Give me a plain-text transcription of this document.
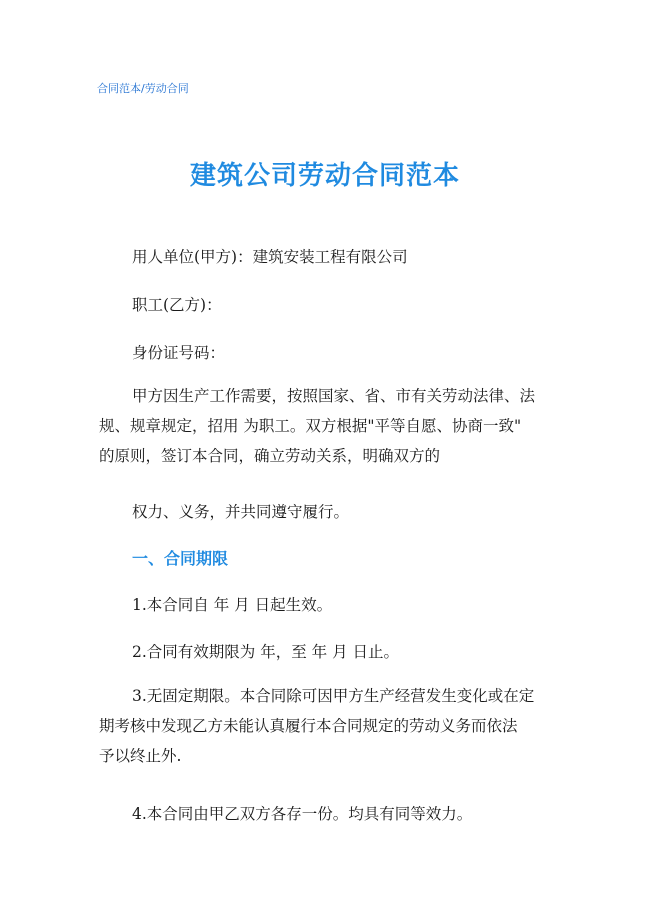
合同范本/劳动合同
建筑公司劳动合同范本
用人单位(甲方)：建筑安装工程有限公司
职工(乙方)：
身份证号码：
甲方因生产工作需要，按照国家、省、市有关劳动法律、法
规、规章规定，招用 为职工。双方根据"平等自愿、协商一致"
的原则，签订本合同，确立劳动关系，明确双方的
权力、义务，并共同遵守履行。
一、合同期限
1.本合同自 年 月 日起生效。
2.合同有效期限为 年，至 年 月 日止。
3.无固定期限。本合同除可因甲方生产经营发生变化或在定
期考核中发现乙方未能认真履行本合同规定的劳动义务而依法
予以终止外.
4.本合同由甲乙双方各存一份。均具有同等效力。
